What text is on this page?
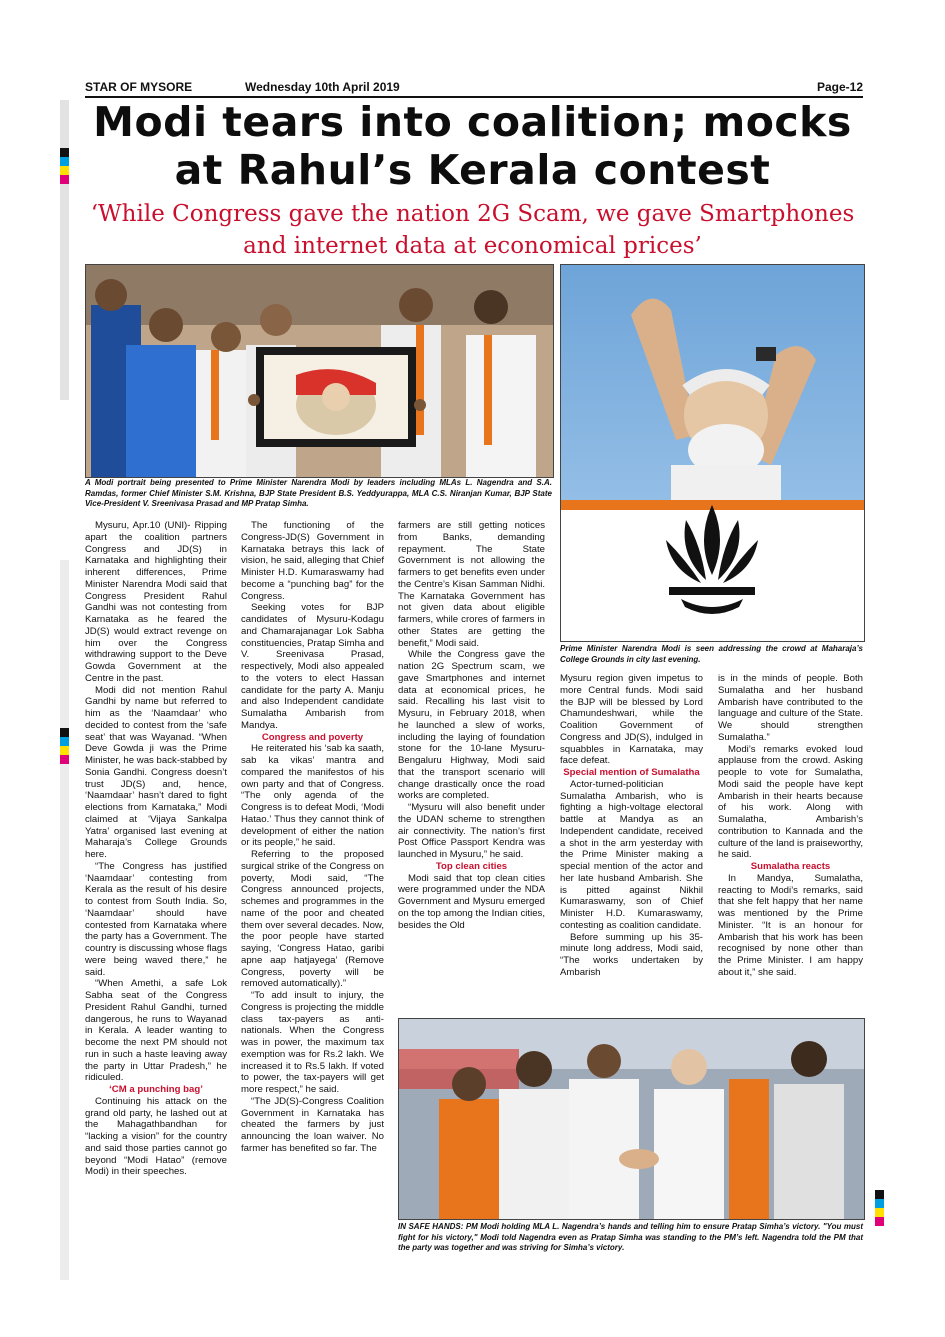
STAR OF MYSORE	Wednesday 10th April 2019	Page-12
Modi tears into coalition; mocks
at Rahul’s Kerala contest
‘While Congress gave the nation 2G Scam, we gave Smartphones
and internet data at economical prices’
A Modi portrait being presented to Prime Minister Narendra Modi by leaders including MLAs L. Nagendra and S.A. Ramdas, former Chief Minister S.M. Krishna, BJP State President B.S. Yeddyurappa, MLA C.S. Niranjan Kumar, BJP State Vice-President V. Sreenivasa Prasad and MP Pratap Simha.
Prime Minister Narendra Modi is seen addressing the crowd at Maharaja’s College Grounds in city last evening.
IN SAFE HANDS: PM Modi holding MLA L. Nagendra’s hands and telling him to ensure Pratap Simha’s victory. "You must fight for his victory," Modi told Nagendra even as Pratap Simha was standing to the PM’s left. Nagendra told the PM that the party was together and was striving for Simha’s victory.

Mysuru, Apr.10 (UNI)- Ripping apart the coalition partners Congress and JD(S) in Karnataka and highlighting their inherent differences, Prime Minister Narendra Modi said that Congress President Rahul Gandhi was not contesting from Karnataka as he feared the JD(S) would extract revenge on him over the Congress withdrawing support to the Deve Gowda Government at the Centre in the past.

Modi did not mention Rahul Gandhi by name but referred to him as the ‘Naamdaar’ who decided to contest from the ‘safe seat’ that was Wayanad. “When Deve Gowda ji was the Prime Minister, he was back-stabbed by Sonia Gandhi. Congress doesn’t trust JD(S) and, hence, ‘Naamdaar’ hasn’t dared to fight elections from Karnataka,” Modi claimed at ‘Vijaya Sankalpa Yatra’ organised last evening at Maharaja’s College Grounds here.

“The Congress has justified ‘Naamdaar’ contesting from Kerala as the result of his desire to contest from South India. So, ‘Naamdaar’ should have contested from Karnataka where the party has a Government. The country is discussing whose flags were being waved there,” he said.

“When Amethi, a safe Lok Sabha seat of the Congress President Rahul Gandhi, turned dangerous, he runs to Wayanad in Kerala. A leader wanting to become the next PM should not run in such a haste leaving away the party in Uttar Pradesh,” he ridiculed.

‘CM a punching bag’

Continuing his attack on the grand old party, he lashed out at the Mahagathbandhan for “lacking a vision” for the country and said those parties cannot go beyond “Modi Hatao” (remove Modi) in their speeches.

The functioning of the Congress-JD(S) Government in Karnataka betrays this lack of vision, he said, alleging that Chief Minister H.D. Kumaraswamy had become a “punching bag” for the Congress.

Seeking votes for BJP candidates of Mysuru-Kodagu and Chamarajanagar Lok Sabha constituencies, Pratap Simha and V. Sreenivasa Prasad, respectively, Modi also appealed to the voters to elect Hassan candidate for the party A. Manju and also Independent candidate Sumalatha Ambarish from Mandya.

Congress and poverty

He reiterated his ‘sab ka saath, sab ka vikas’ mantra and compared the manifestos of his own party and that of Congress. “The only agenda of the Congress is to defeat Modi, ‘Modi Hatao.’ Thus they cannot think of development of either the nation or its people,” he said.

Referring to the proposed surgical strike of the Congress on poverty, Modi said, “The Congress announced projects, schemes and programmes in the name of the poor and cheated them over several decades. Now, the poor people have started saying, ‘Congress Hatao, garibi apne aap hatjayega’ (Remove Congress, poverty will be removed automatically).”

“To add insult to injury, the Congress is projecting the middle class tax-payers as anti-nationals. When the Congress was in power, the maximum tax exemption was for Rs.2 lakh. We increased it to Rs.5 lakh. If voted to power, the tax-payers will get more respect,” he said.

“The JD(S)-Congress Coalition Government in Karnataka has cheated the farmers by just announcing the loan waiver. No farmer has benefited so far. The

farmers are still getting notices from Banks, demanding repayment. The State Government is not allowing the farmers to get benefits even under the Centre’s Kisan Samman Nidhi. The Karnataka Government has not given data about eligible farmers, while crores of farmers in other States are getting the benefit,” Modi said.

While the Congress gave the nation 2G Spectrum scam, we gave Smartphones and internet data at economical prices, he said. Recalling his last visit to Mysuru, in February 2018, when he launched a slew of works, including the laying of foundation stone for the 10-lane Mysuru-Bengaluru Highway, Modi said that the transport scenario will change drastically once the road works are completed.

“Mysuru will also benefit under the UDAN scheme to strengthen air connectivity. The nation’s first Post Office Passport Kendra was launched in Mysuru,” he said.

Top clean cities

Modi said that top clean cities were programmed under the NDA Government and Mysuru emerged on the top among the Indian cities, besides the Old

Mysuru region given impetus to more Central funds. Modi said the BJP will be blessed by Lord Chamundeshwari, while the Coalition Government of Congress and JD(S), indulged in squabbles in Karnataka, may face defeat.

Special mention of Sumalatha

Actor-turned-politician Sumalatha Ambarish, who is fighting a high-voltage electoral battle at Mandya as an Independent candidate, received a shot in the arm yesterday with the Prime Minister making a special mention of the actor and her late husband Ambarish. She is pitted against Nikhil Kumaraswamy, son of Chief Minister H.D. Kumaraswamy, contesting as coalition candidate.

Before summing up his 35-minute long address, Modi said, “The works undertaken by Ambarish

is in the minds of people. Both Sumalatha and her husband Ambarish have contributed to the language and culture of the State. We should strengthen Sumalatha.”

Modi’s remarks evoked loud applause from the crowd. Asking people to vote for Sumalatha, Modi said the people have kept Ambarish in their hearts because of his work. Along with Sumalatha, Ambarish’s contribution to Kannada and the culture of the land is praiseworthy, he said.

Sumalatha reacts

In Mandya, Sumalatha, reacting to Modi’s remarks, said that she felt happy that her name was mentioned by the Prime Minister. “It is an honour for Ambarish that his work has been recognised by none other than the Prime Minister. I am happy about it,” she said.
